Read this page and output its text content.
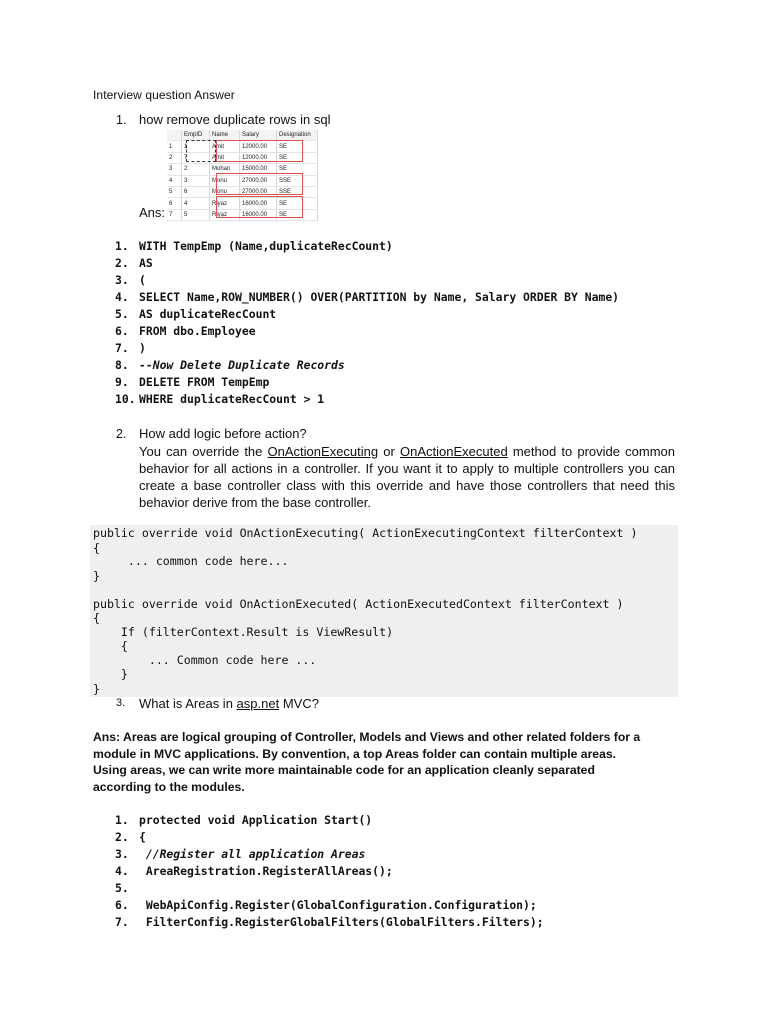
Interview question Answer
1. how remove duplicate rows in sql
	EmpID	Name	Salary	Designation
1	1	Amit	12000.00	SE
2	7	Amit	12000.00	SE
3	2	Mohan	15000.00	SE
4	3	Monu	27000.00	SSE
5	6	Monu	27000.00	SSE
6	4	Riyaz	16000.00	SE
7	5	Riyaz	16000.00	SE
Ans:
1. WITH TempEmp (Name,duplicateRecCount)
2. AS
3. (
4. SELECT Name,ROW_NUMBER() OVER(PARTITION by Name, Salary ORDER BY Name)
5. AS duplicateRecCount
6. FROM dbo.Employee
7. )
8. --Now Delete Duplicate Records
9. DELETE FROM TempEmp
10. WHERE duplicateRecCount > 1
2. How add logic before action?
You can override the OnActionExecuting or OnActionExecuted method to provide common
behavior for all actions in a controller. If you want it to apply to multiple controllers you can
create a base controller class with this override and have those controllers that need this
behavior derive from the base controller.
public override void OnActionExecuting( ActionExecutingContext filterContext )
{
... common code here...
}
public override void OnActionExecuted( ActionExecutedContext filterContext )
{
If (filterContext.Result is ViewResult)
{
... Common code here ...
}
}
3. What is Areas in asp.net MVC?
Ans: Areas are logical grouping of Controller, Models and Views and other related folders for a
module in MVC applications. By convention, a top Areas folder can contain multiple areas.
Using areas, we can write more maintainable code for an application cleanly separated
according to the modules.
1. protected void Application Start()
2. {
3. //Register all application Areas
4. AreaRegistration.RegisterAllAreas();
5.
6. WebApiConfig.Register(GlobalConfiguration.Configuration);
7. FilterConfig.RegisterGlobalFilters(GlobalFilters.Filters);
